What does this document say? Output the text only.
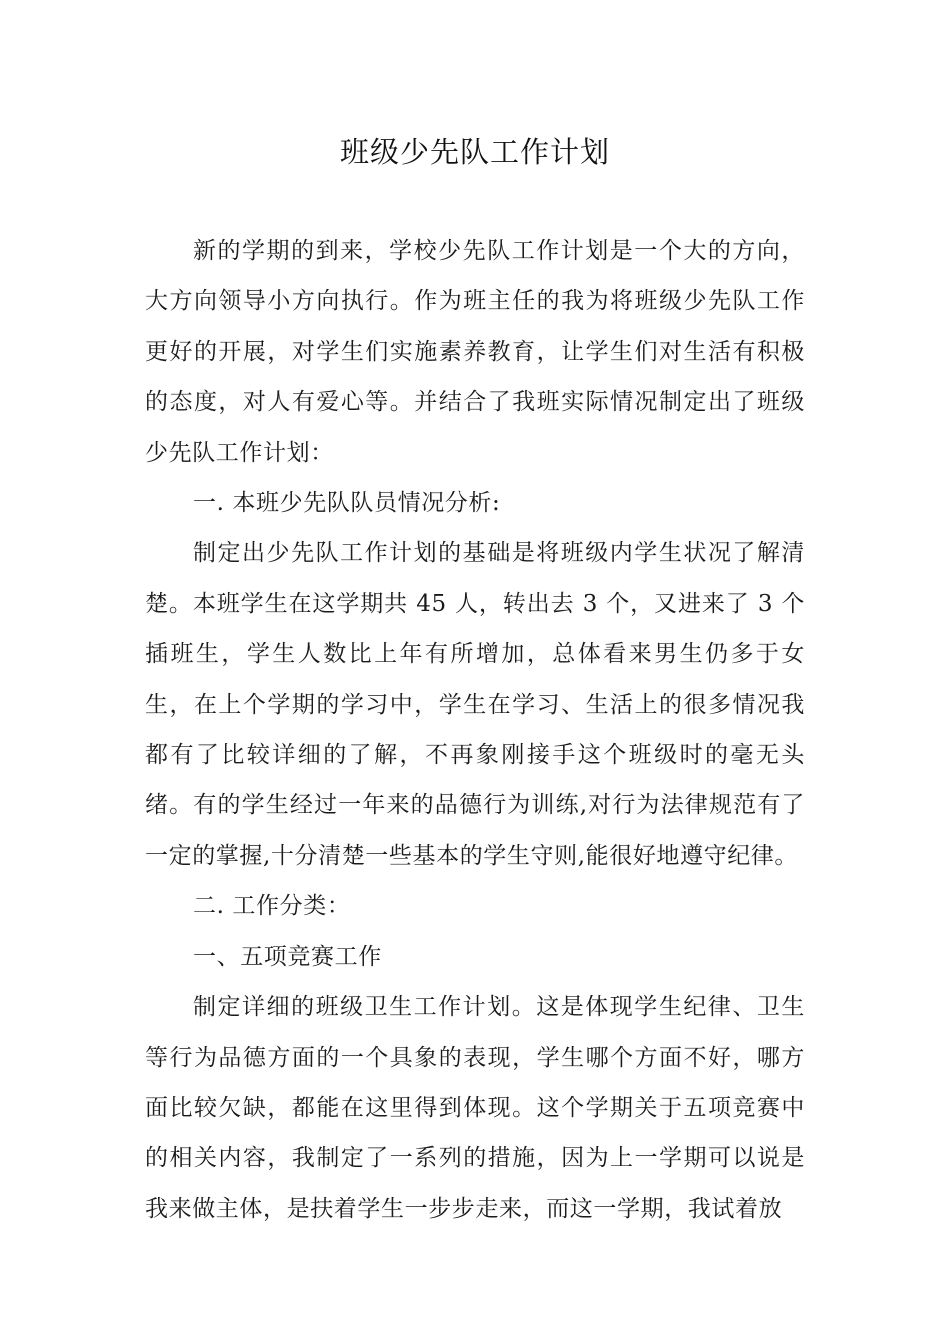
班级少先队工作计划

新的学期的到来，学校少先队工作计划是一个大的方向，大方向领导小方向执行。作为班主任的我为将班级少先队工作更好的开展，对学生们实施素养教育，让学生们对生活有积极的态度，对人有爱心等。并结合了我班实际情况制定出了班级少先队工作计划：

一. 本班少先队队员情况分析:

制定出少先队工作计划的基础是将班级内学生状况了解清楚。本班学生在这学期共 45 人，转出去 3 个，又进来了 3 个插班生，学生人数比上年有所增加，总体看来男生仍多于女生，在上个学期的学习中，学生在学习、生活上的很多情况我都有了比较详细的了解，不再象刚接手这个班级时的毫无头绪。有的学生经过一年来的品德行为训练,对行为法律规范有了一定的掌握,十分清楚一些基本的学生守则,能很好地遵守纪律。

二. 工作分类：

一、五项竞赛工作

制定详细的班级卫生工作计划。这是体现学生纪律、卫生等行为品德方面的一个具象的表现，学生哪个方面不好，哪方面比较欠缺，都能在这里得到体现。这个学期关于五项竞赛中的相关内容，我制定了一系列的措施，因为上一学期可以说是我来做主体，是扶着学生一步步走来，而这一学期，我试着放
